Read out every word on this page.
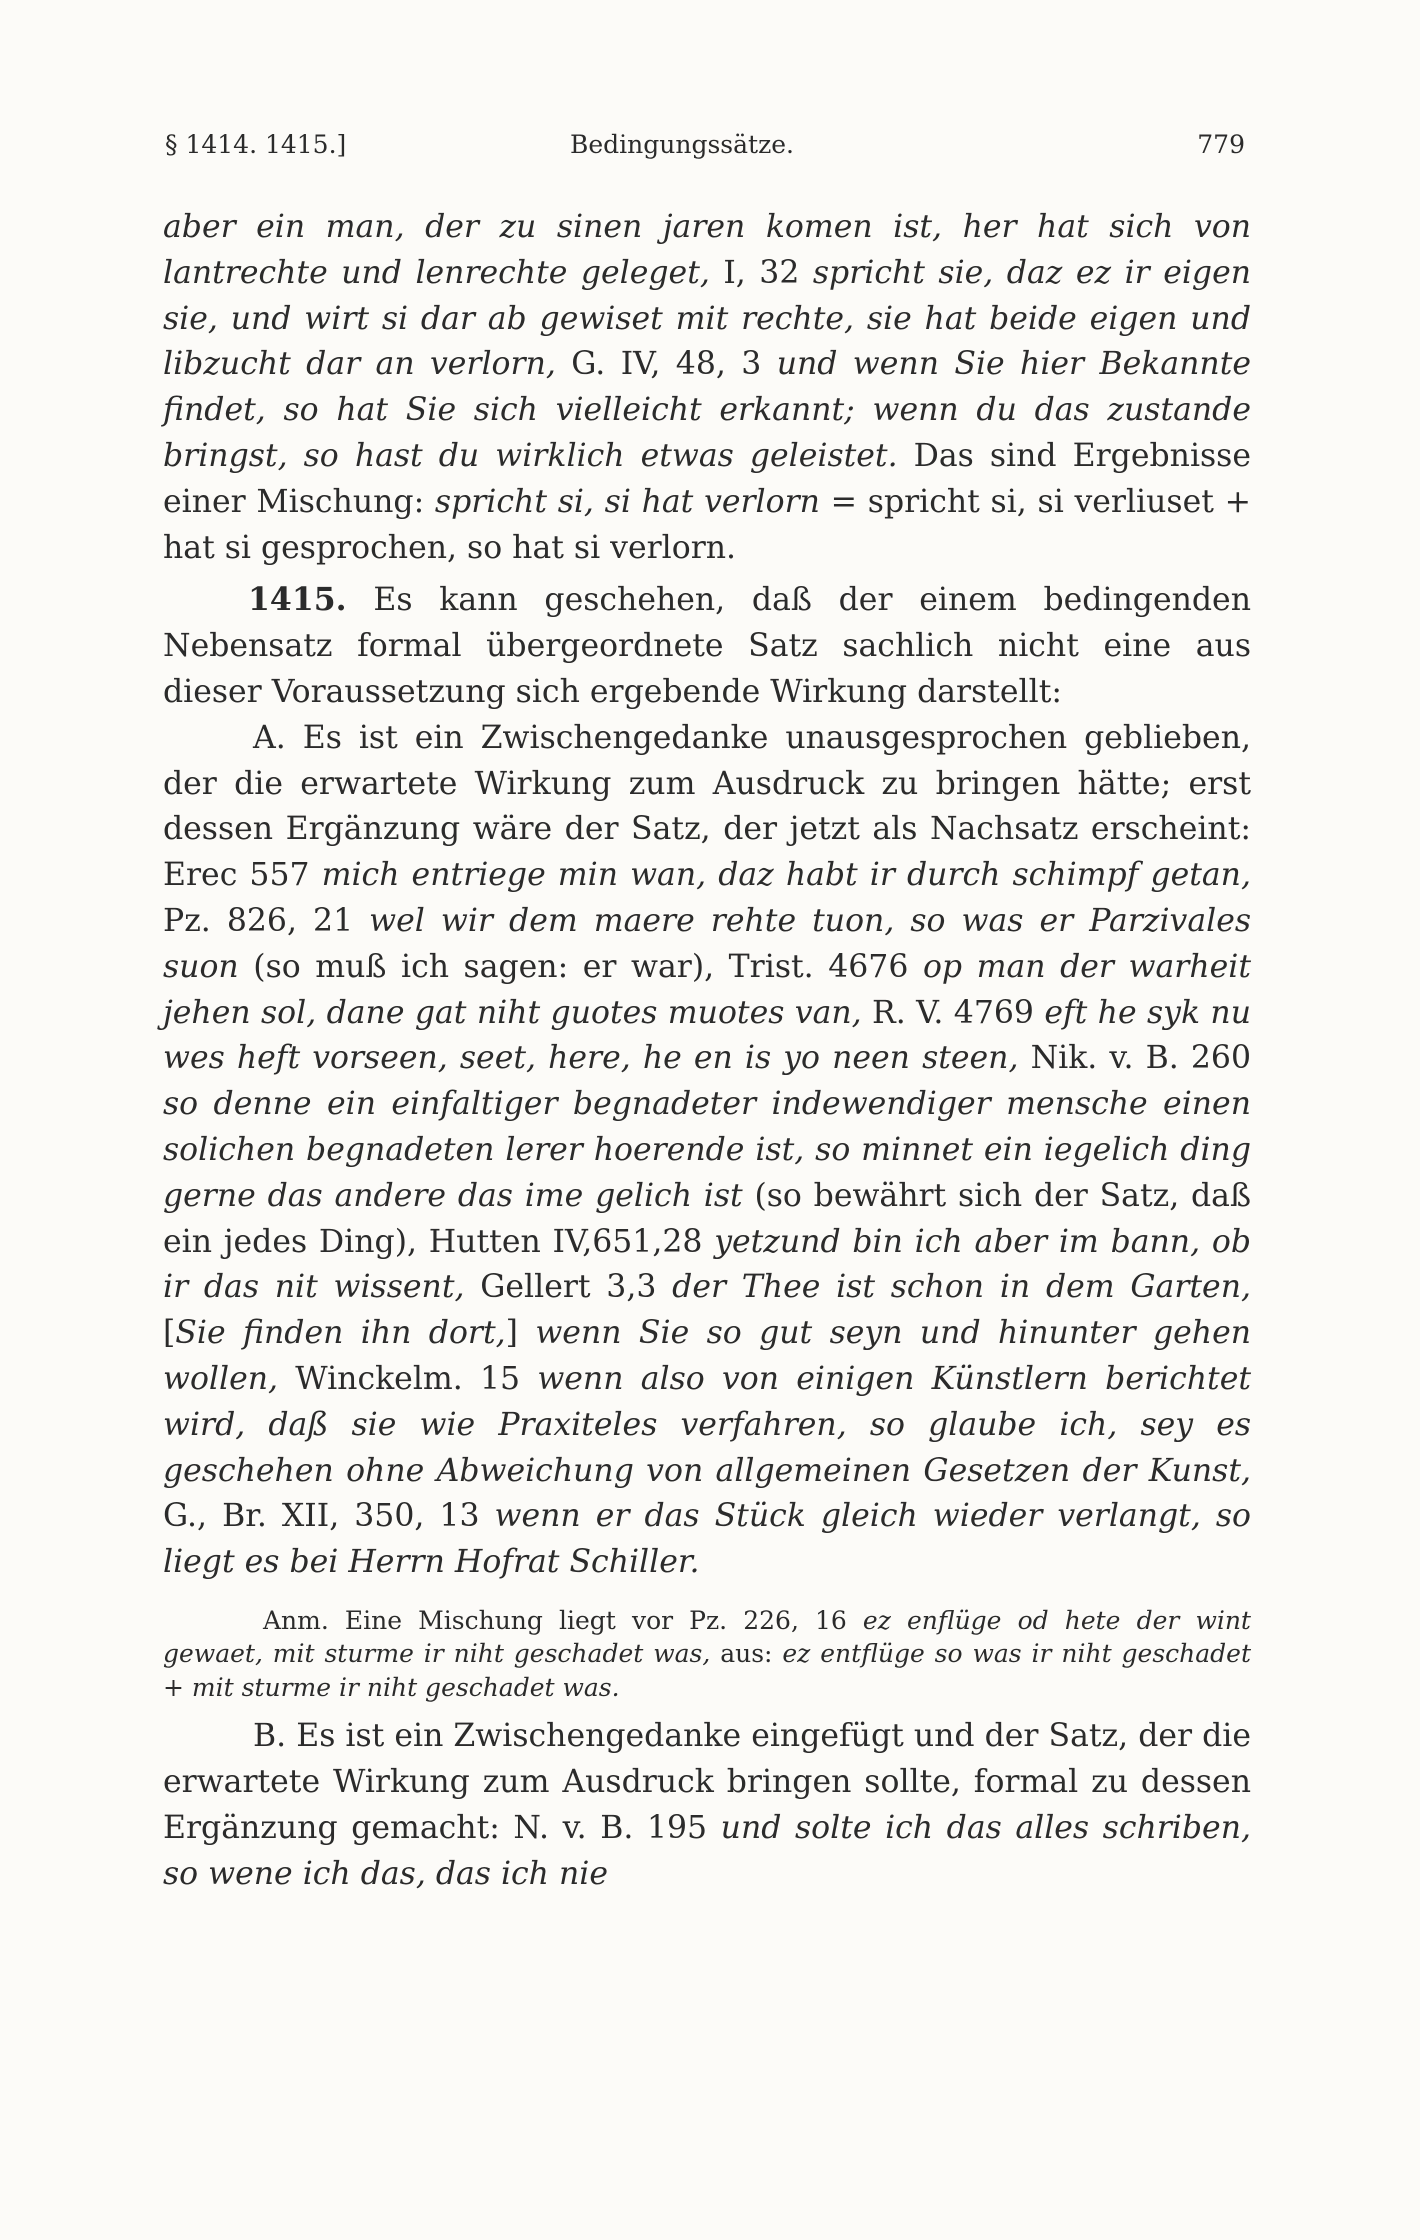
§ 1414. 1415.]	Bedingungssätze.	779

aber ein man, der zu sinen jaren komen ist, her hat sich von lantrechte und lenrechte geleget, I, 32 spricht sie, daz ez ir eigen sie, und wirt si dar ab gewiset mit rechte, sie hat beide eigen und libzucht dar an verlorn, G. IV, 48, 3 und wenn Sie hier Bekannte findet, so hat Sie sich vielleicht erkannt; wenn du das zustande bringst, so hast du wirklich etwas geleistet. Das sind Ergebnisse einer Mischung: spricht si, si hat verlorn = spricht si, si verliuset + hat si gesprochen, so hat si verlorn.

1415. Es kann geschehen, daß der einem bedingenden Nebensatz formal übergeordnete Satz sachlich nicht eine aus dieser Voraussetzung sich ergebende Wirkung darstellt:

A. Es ist ein Zwischengedanke unausgesprochen geblieben, der die erwartete Wirkung zum Ausdruck zu bringen hätte; erst dessen Ergänzung wäre der Satz, der jetzt als Nachsatz erscheint: Erec 557 mich entriege min wan, daz habt ir durch schimpf getan, Pz. 826, 21 wel wir dem maere rehte tuon, so was er Parzivales suon (so muß ich sagen: er war), Trist. 4676 op man der warheit jehen sol, dane gat niht guotes muotes van, R. V. 4769 eft he syk nu wes heft vorseen, seet, here, he en is yo neen steen, Nik. v. B. 260 so denne ein einfaltiger begnadeter indewendiger mensche einen solichen begnadeten lerer hoerende ist, so minnet ein iegelich ding gerne das andere das ime gelich ist (so bewährt sich der Satz, daß ein jedes Ding), Hutten IV,651,28 yetzund bin ich aber im bann, ob ir das nit wissent, Gellert 3,3 der Thee ist schon in dem Garten, [Sie finden ihn dort,] wenn Sie so gut seyn und hinunter gehen wollen, Winckelm. 15 wenn also von einigen Künstlern berichtet wird, daß sie wie Praxiteles verfahren, so glaube ich, sey es geschehen ohne Abweichung von allgemeinen Gesetzen der Kunst, G., Br. XII, 350, 13 wenn er das Stück gleich wieder verlangt, so liegt es bei Herrn Hofrat Schiller.

Anm. Eine Mischung liegt vor Pz. 226, 16 ez enflüge od hete der wint gewaet, mit sturme ir niht geschadet was, aus: ez entflüge so was ir niht geschadet + mit sturme ir niht geschadet was.

B. Es ist ein Zwischengedanke eingefügt und der Satz, der die erwartete Wirkung zum Ausdruck bringen sollte, formal zu dessen Ergänzung gemacht: N. v. B. 195 und solte ich das alles schriben, so wene ich das, das ich nie
